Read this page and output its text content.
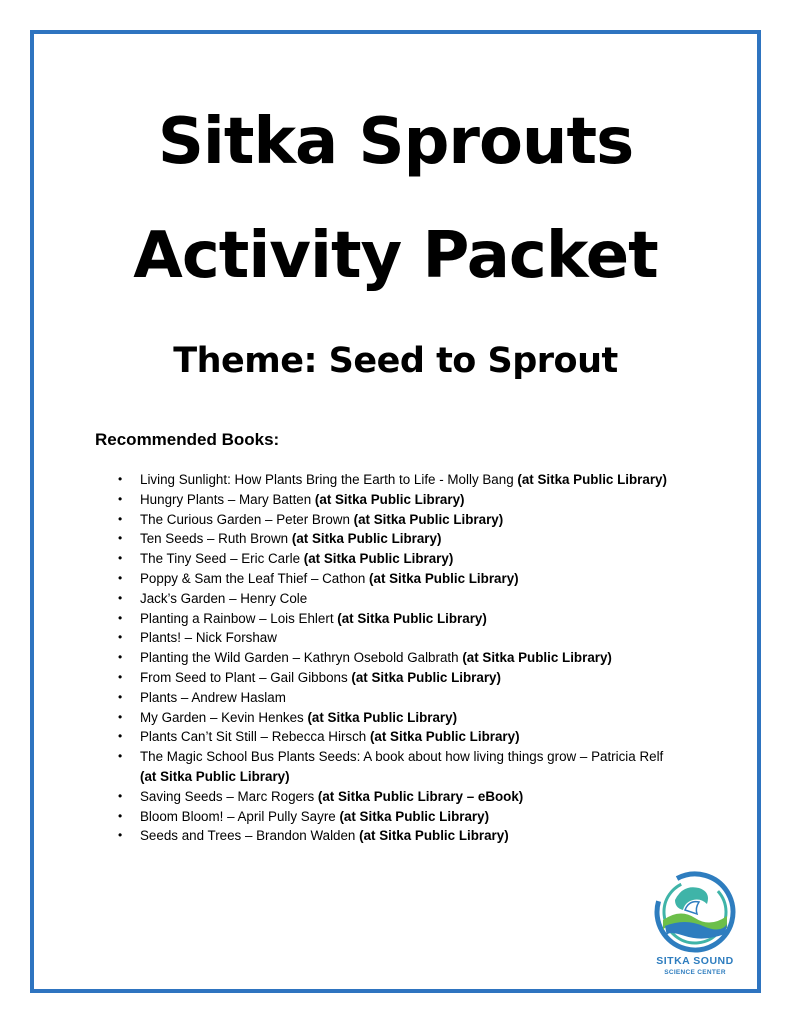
Sitka Sprouts
Activity Packet
Theme: Seed to Sprout
Recommended Books:
• Living Sunlight: How Plants Bring the Earth to Life - Molly Bang (at Sitka Public Library)
• Hungry Plants – Mary Batten (at Sitka Public Library)
• The Curious Garden – Peter Brown (at Sitka Public Library)
• Ten Seeds – Ruth Brown (at Sitka Public Library)
• The Tiny Seed – Eric Carle (at Sitka Public Library)
• Poppy & Sam the Leaf Thief – Cathon (at Sitka Public Library)
• Jack’s Garden – Henry Cole
• Planting a Rainbow – Lois Ehlert (at Sitka Public Library)
• Plants! – Nick Forshaw
• Planting the Wild Garden – Kathryn Osebold Galbrath (at Sitka Public Library)
• From Seed to Plant – Gail Gibbons (at Sitka Public Library)
• Plants – Andrew Haslam
• My Garden – Kevin Henkes (at Sitka Public Library)
• Plants Can’t Sit Still – Rebecca Hirsch (at Sitka Public Library)
• The Magic School Bus Plants Seeds: A book about how living things grow – Patricia Relf (at Sitka Public Library)
• Saving Seeds – Marc Rogers (at Sitka Public Library – eBook)
• Bloom Bloom! – April Pully Sayre (at Sitka Public Library)
• Seeds and Trees – Brandon Walden (at Sitka Public Library)
SITKA SOUND
SCIENCE CENTER
